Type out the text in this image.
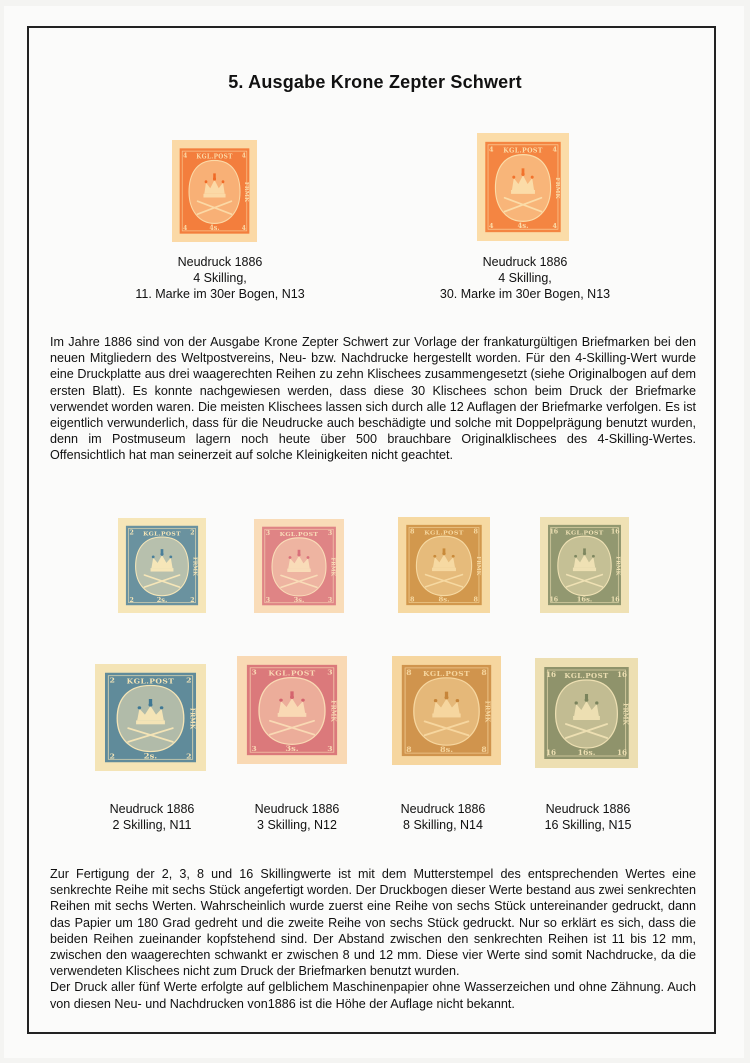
5. Ausgabe Krone Zepter Schwert
4	4
4	4
KGL.POST
FRMK
4s.
4	4
4	4
KGL.POST
FRMK
4s.
Neudruck 1886
4 Skilling,
11. Marke im 30er Bogen, N13
Neudruck 1886
4 Skilling,
30. Marke im 30er Bogen, N13

Im Jahre 1886 sind von der Ausgabe Krone Zepter Schwert zur Vorlage der frankaturgültigen Briefmarken bei den neuen Mitgliedern des Weltpostvereins, Neu- bzw. Nachdrucke hergestellt worden. Für den 4-Skilling-Wert wurde eine Druckplatte aus drei waagerechten Reihen zu zehn Klischees zusammengesetzt (siehe Originalbogen auf dem ersten Blatt). Es konnte nachgewiesen werden, dass diese 30 Klischees schon beim Druck der Briefmarke verwendet worden waren. Die meisten Klischees lassen sich durch alle 12 Auflagen der Briefmarke verfolgen. Es ist eigentlich verwunderlich, dass für die Neudrucke auch beschädigte und solche mit Doppelprägung benutzt wurden, denn im Postmuseum lagern noch heute über 500 brauchbare Originalklischees des 4-Skilling-Wertes. Offensichtlich hat man seinerzeit auf solche Kleinigkeiten nicht geachtet.

2	2
2	2
KGL.POST
FRMK
2s.
3	3
3	3
KGL.POST
FRMK
3s.
8	8
8	8
KGL.POST
FRMK
8s.
16	16
16	16
KGL.POST
FRMK
16s.
2	2
2	2
KGL.POST
FRMK
2s.
3	3
3	3
KGL.POST
FRMK
3s.
8	8
8	8
KGL.POST
FRMK
8s.
16	16
16	16
KGL.POST
FRMK
16s.
Neudruck 1886
2 Skilling, N11
Neudruck 1886
3 Skilling, N12
Neudruck 1886
8 Skilling, N14
Neudruck 1886
16 Skilling, N15

Zur Fertigung der 2, 3, 8 und 16 Skillingwerte ist mit dem Mutterstempel des entsprechenden Wertes eine senkrechte Reihe mit sechs Stück angefertigt worden. Der Druckbogen dieser Werte bestand aus zwei senkrechten Reihen mit sechs Werten. Wahrscheinlich wurde zuerst eine Reihe von sechs Stück untereinander gedruckt, dann das Papier um 180 Grad gedreht und die zweite Reihe von sechs Stück gedruckt. Nur so erklärt es sich, dass die beiden Reihen zueinander kopfstehend sind. Der Abstand zwischen den senkrechten Reihen ist 11 bis 12 mm, zwischen den waagerechten schwankt er zwischen 8 und 12 mm. Diese vier Werte sind somit Nachdrucke, da die verwendeten Klischees nicht zum Druck der Briefmarken benutzt wurden.

Der Druck aller fünf Werte erfolgte auf gelblichem Maschinenpapier ohne Wasserzeichen und ohne Zähnung. Auch von diesen Neu- und Nachdrucken von1886 ist die Höhe der Auflage nicht bekannt.
